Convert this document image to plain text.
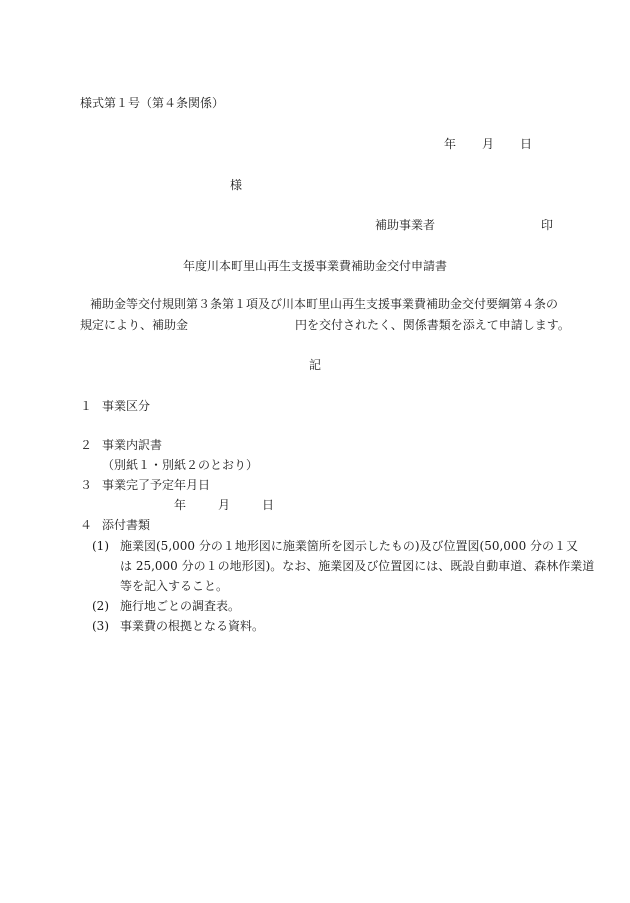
様式第１号（第４条関係）
年 月 日
様
補助事業者	印
年度川本町里山再生支援事業費補助金交付申請書
補助金等交付規則第３条第１項及び川本町里山再生支援事業費補助金交付要綱第４条の
規定により、補助金	円を交付されたく、関係書類を添えて申請します。
記
１ 事業区分
２ 事業内訳書
（別紙１・別紙２のとおり）
３ 事業完了予定年月日
年	月	日
４ 添付書類
(1) 施業図(5,000 分の１地形図に施業箇所を図示したもの)及び位置図(50,000 分の１又
は 25,000 分の１の地形図)。なお、施業図及び位置図には、既設自動車道、森林作業道
等を記入すること。
(2) 施行地ごとの調査表。
(3) 事業費の根拠となる資料。
